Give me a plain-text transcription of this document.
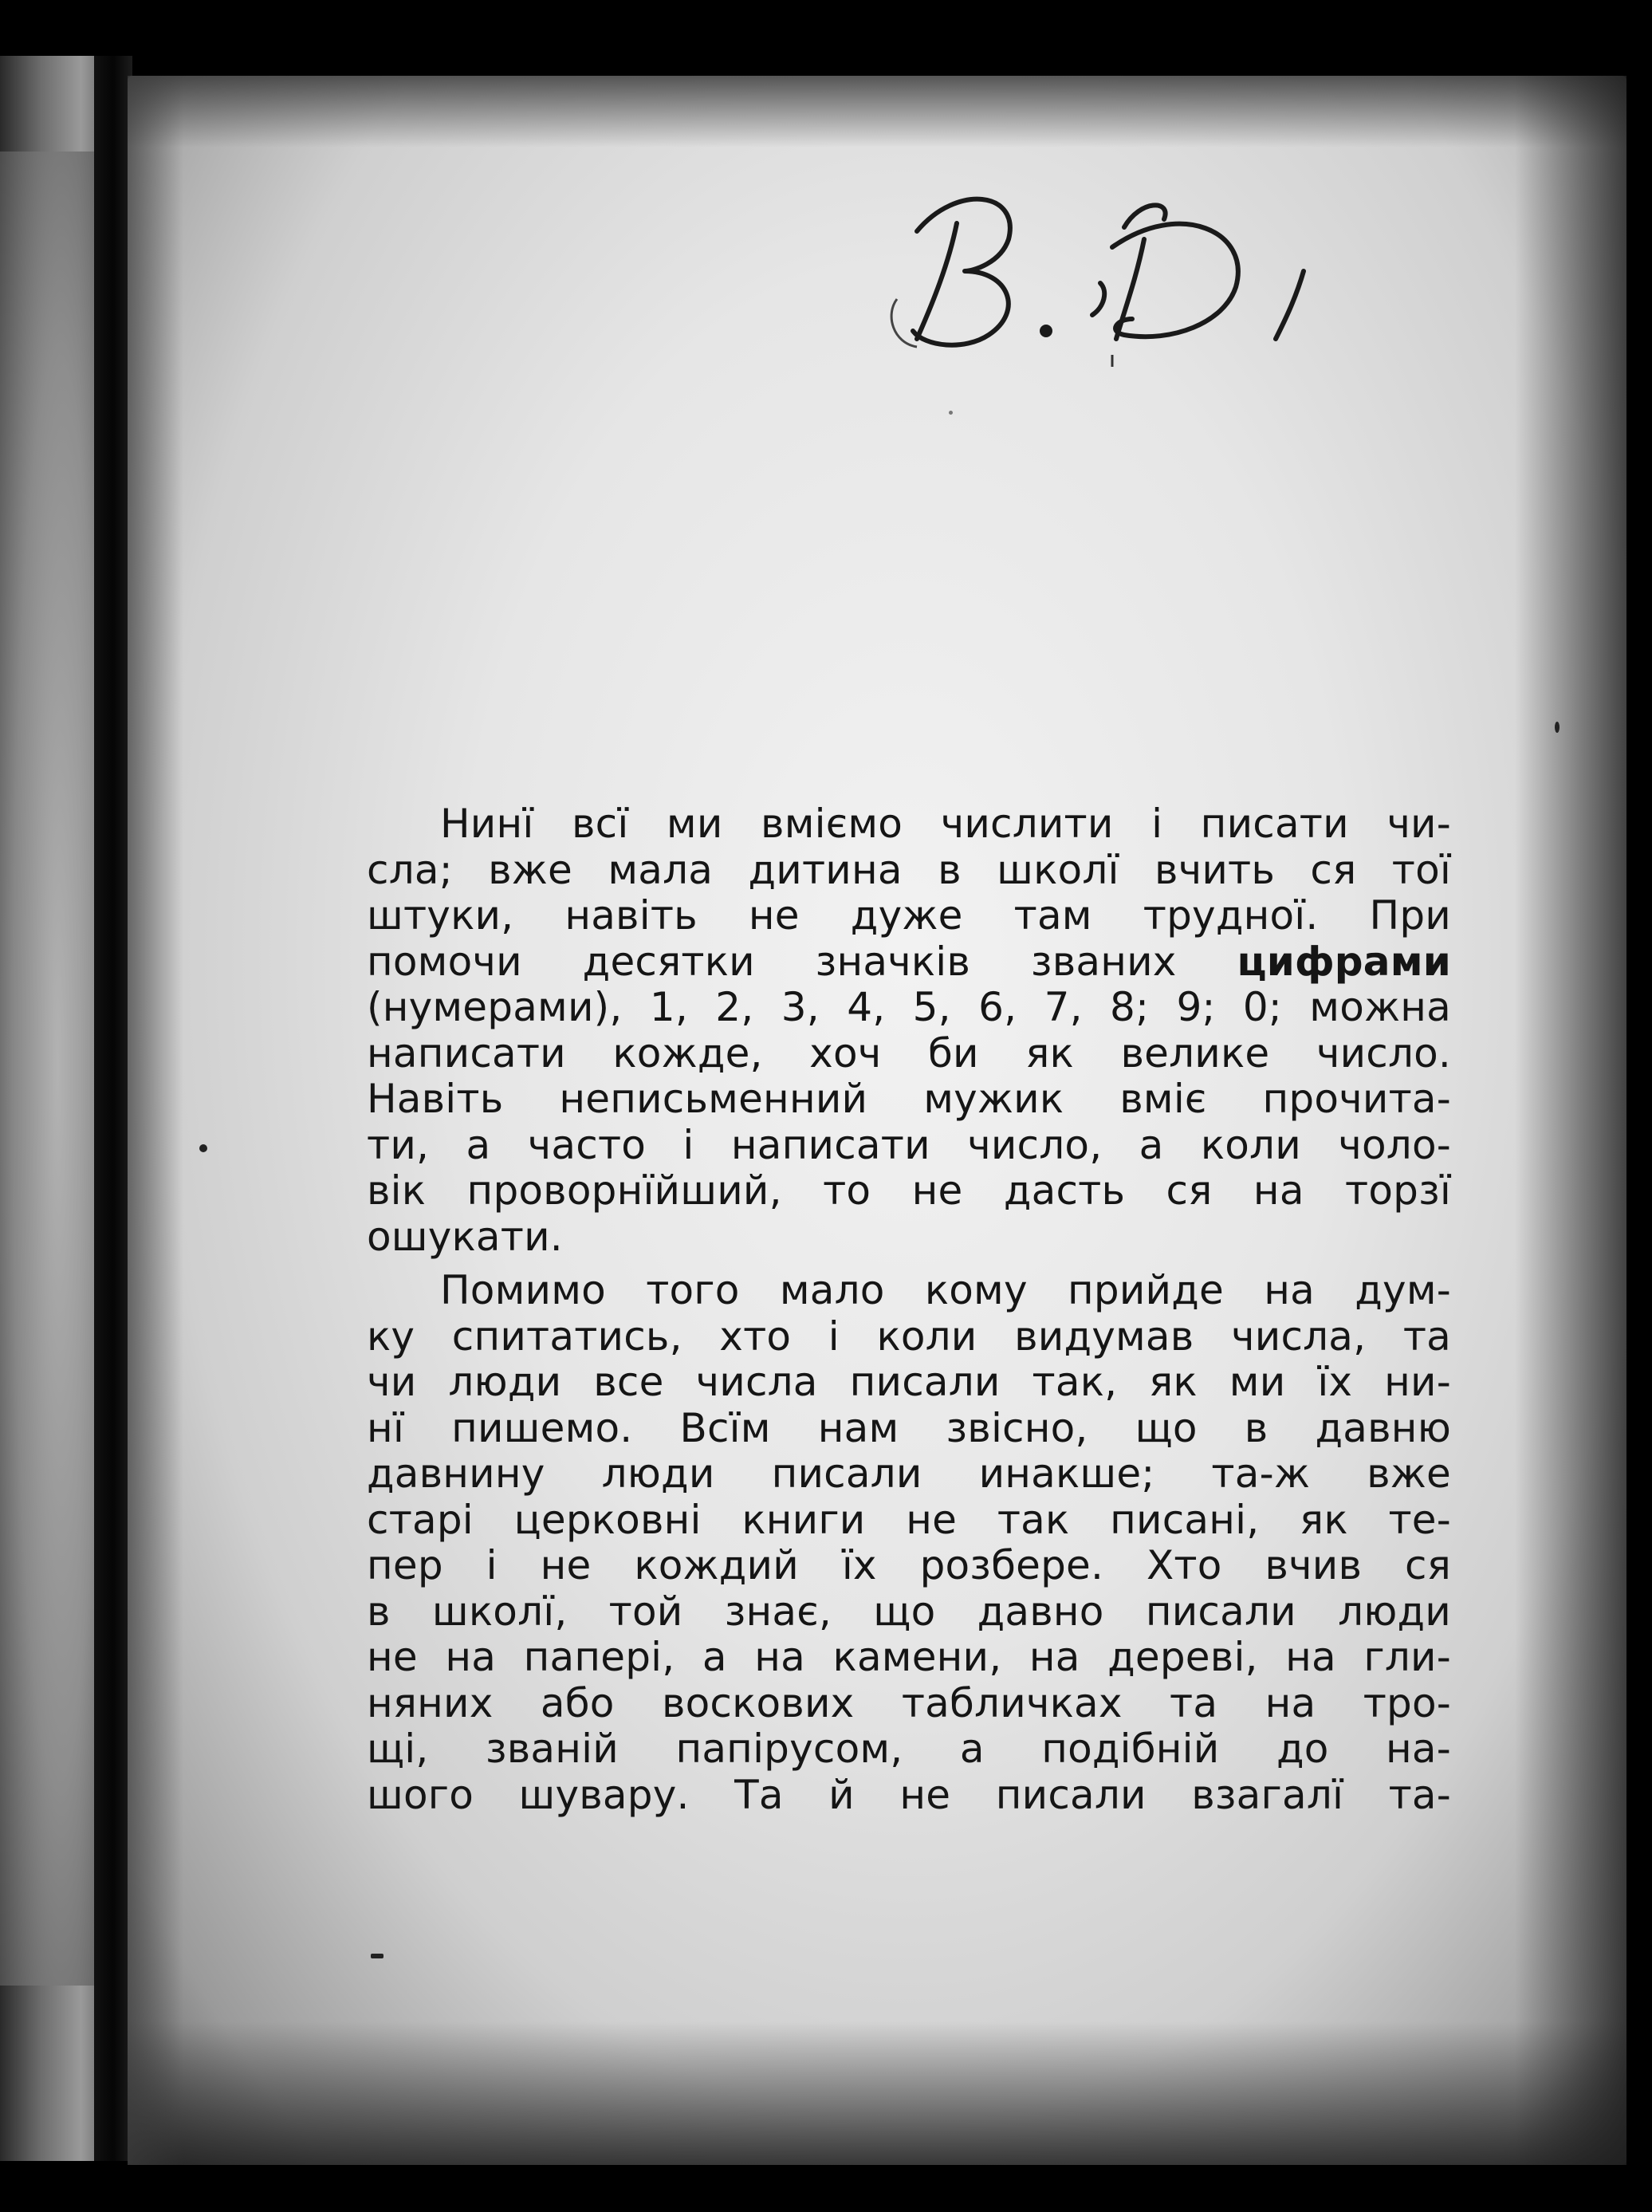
Нинї всї ми вміємо числити і писати чи-
сла; вже мала дитина в школї вчить ся тої
штуки, навіть не дуже там трудної. При
помочи десятки значків званих цифрами
(нумерами), 1, 2, 3, 4, 5, 6, 7, 8; 9; 0; можна
написати кожде, хоч би як велике число.
Навіть неписьменний мужик вміє прочита-
ти, а часто і написати число, а коли чоло-
вік проворнїйший, то не дасть ся на торзї
ошукати.
Помимо того мало кому прийде на дум-
ку спитатись, хто і коли видумав числа, та
чи люди все числа писали так, як ми їх ни-
нї пишемо. Всїм нам звісно, що в давню
давнину люди писали инакше; та-ж вже
старі церковні книги не так писані, як те-
пер і не кождий їх розбере. Хто вчив ся
в школї, той знає, що давно писали люди
не на папері, а на камени, на дереві, на гли-
няних або воскових табличках та на тро-
щі, званій папірусом, а подібній до на-
шого шувару. Та й не писали взагалї та-
